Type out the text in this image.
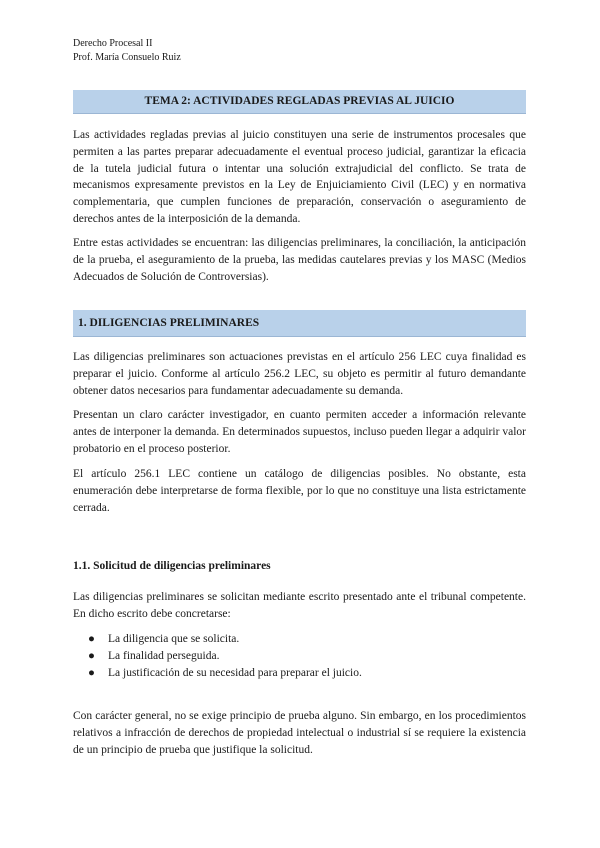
Derecho Procesal II
Prof. María Consuelo Ruiz
TEMA 2: ACTIVIDADES REGLADAS PREVIAS AL JUICIO

Las actividades regladas previas al juicio constituyen una serie de instrumentos procesales que permiten a las partes preparar adecuadamente el eventual proceso judicial, garantizar la eficacia de la tutela judicial futura o intentar una solución extrajudicial del conflicto. Se trata de mecanismos expresamente previstos en la Ley de Enjuiciamiento Civil (LEC) y en normativa complementaria, que cumplen funciones de preparación, conservación o aseguramiento de derechos antes de la interposición de la demanda.

Entre estas actividades se encuentran: las diligencias preliminares, la conciliación, la anticipación de la prueba, el aseguramiento de la prueba, las medidas cautelares previas y los MASC (Medios Adecuados de Solución de Controversias).

1. DILIGENCIAS PRELIMINARES

Las diligencias preliminares son actuaciones previstas en el artículo 256 LEC cuya finalidad es preparar el juicio. Conforme al artículo 256.2 LEC, su objeto es permitir al futuro demandante obtener datos necesarios para fundamentar adecuadamente su demanda.

Presentan un claro carácter investigador, en cuanto permiten acceder a información relevante antes de interponer la demanda. En determinados supuestos, incluso pueden llegar a adquirir valor probatorio en el proceso posterior.

El artículo 256.1 LEC contiene un catálogo de diligencias posibles. No obstante, esta enumeración debe interpretarse de forma flexible, por lo que no constituye una lista estrictamente cerrada.

1.1. Solicitud de diligencias preliminares

Las diligencias preliminares se solicitan mediante escrito presentado ante el tribunal competente. En dicho escrito debe concretarse:

● La diligencia que se solicita.
● La finalidad perseguida.
● La justificación de su necesidad para preparar el juicio.

Con carácter general, no se exige principio de prueba alguno. Sin embargo, en los procedimientos relativos a infracción de derechos de propiedad intelectual o industrial sí se requiere la existencia de un principio de prueba que justifique la solicitud.
